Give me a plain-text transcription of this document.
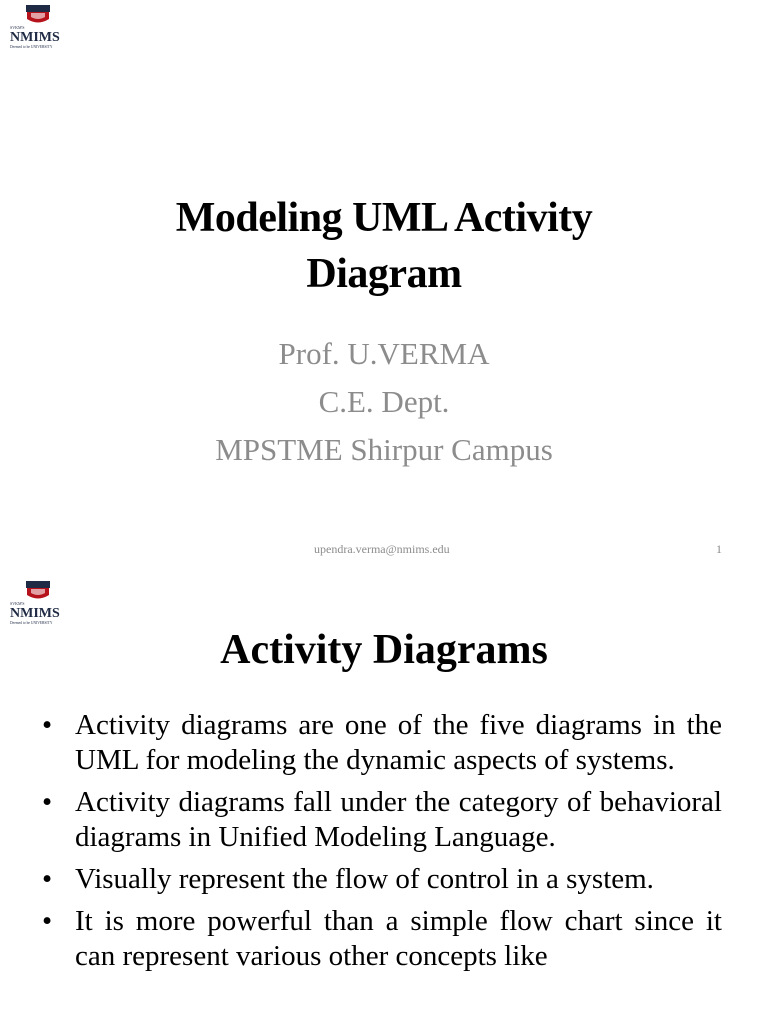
SVKM'S
NMIMS
Deemed to be UNIVERSITY
Modeling UML Activity
Diagram
Prof. U.VERMA
C.E. Dept.
MPSTME Shirpur Campus
upendra.verma@nmims.edu	1
SVKM'S
NMIMS
Deemed to be UNIVERSITY
Activity Diagrams
• Activity diagrams are one of the five diagrams in the UML for modeling the dynamic aspects of systems.
• Activity diagrams fall under the category of behavioral diagrams in Unified Modeling Language.
• Visually represent the flow of control in a system.
• It is more powerful than a simple flow chart since it can represent various other concepts like
